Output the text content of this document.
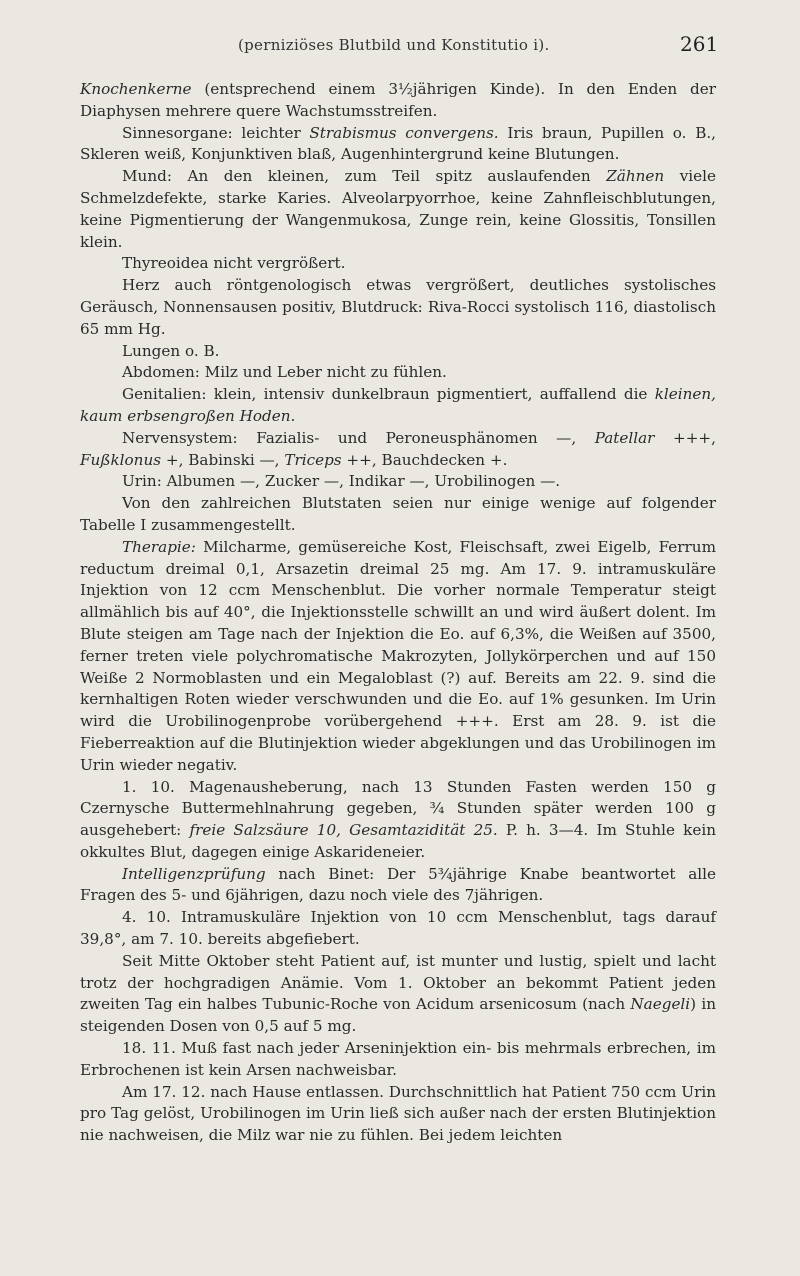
(perniziöses Blutbild und Konstitutio i).	261

Knochenkerne (entsprechend einem 3½jährigen Kinde). In den Enden der Diaphysen mehrere quere Wachstumsstreifen.

Sinnesorgane: leichter Strabismus convergens. Iris braun, Pupillen o. B., Skleren weiß, Konjunktiven blaß, Augenhintergrund keine Blutungen.

Mund: An den kleinen, zum Teil spitz auslaufenden Zähnen viele Schmelzdefekte, starke Karies. Alveolarpyorrhoe, keine Zahnfleischblutungen, keine Pigmentierung der Wangenmukosa, Zunge rein, keine Glossitis, Tonsillen klein.

Thyreoidea nicht vergrößert.

Herz auch röntgenologisch etwas vergrößert, deutliches systolisches Geräusch, Nonnensausen positiv, Blutdruck: Riva-Rocci systolisch 116, diastolisch 65 mm Hg.

Lungen o. B.

Abdomen: Milz und Leber nicht zu fühlen.

Genitalien: klein, intensiv dunkelbraun pigmentiert, auffallend die kleinen, kaum erbsengroßen Hoden.

Nervensystem: Fazialis- und Peroneusphänomen —, Patellar +++, Fußklonus +, Babinski —, Triceps ++, Bauchdecken +.

Urin: Albumen —, Zucker —, Indikar —, Urobilinogen —.

Von den zahlreichen Blutstaten seien nur einige wenige auf folgender Tabelle I zusammengestellt.

Therapie: Milcharme, gemüsereiche Kost, Fleischsaft, zwei Eigelb, Ferrum reductum dreimal 0,1, Arsazetin dreimal 25 mg. Am 17. 9. intramuskuläre Injektion von 12 ccm Menschenblut. Die vorher normale Temperatur steigt allmählich bis auf 40°, die Injektionsstelle schwillt an und wird äußert dolent. Im Blute steigen am Tage nach der Injektion die Eo. auf 6,3%, die Weißen auf 3500, ferner treten viele polychromatische Makrozyten, Jollykörperchen und auf 150 Weiße 2 Normoblasten und ein Megaloblast (?) auf. Bereits am 22. 9. sind die kernhaltigen Roten wieder verschwunden und die Eo. auf 1% gesunken. Im Urin wird die Urobilinogenprobe vorübergehend +++. Erst am 28. 9. ist die Fieberreaktion auf die Blutinjektion wieder abgeklungen und das Urobilinogen im Urin wieder negativ.

1. 10. Magenausheberung, nach 13 Stunden Fasten werden 150 g Czernysche Buttermehlnahrung gegeben, ¾ Stunden später werden 100 g ausgehebert: freie Salzsäure 10, Gesamtazidität 25. P. h. 3—4. Im Stuhle kein okkultes Blut, dagegen einige Askarideneier.

Intelligenzprüfung nach Binet: Der 5¾jährige Knabe beantwortet alle Fragen des 5- und 6jährigen, dazu noch viele des 7jährigen.

4. 10. Intramuskuläre Injektion von 10 ccm Menschenblut, tags darauf 39,8°, am 7. 10. bereits abgefiebert.

Seit Mitte Oktober steht Patient auf, ist munter und lustig, spielt und lacht trotz der hochgradigen Anämie. Vom 1. Oktober an bekommt Patient jeden zweiten Tag ein halbes Tubunic-Roche von Acidum arsenicosum (nach Naegeli) in steigenden Dosen von 0,5 auf 5 mg.

18. 11. Muß fast nach jeder Arseninjektion ein- bis mehrmals erbrechen, im Erbrochenen ist kein Arsen nachweisbar.

Am 17. 12. nach Hause entlassen. Durchschnittlich hat Patient 750 ccm Urin pro Tag gelöst, Urobilinogen im Urin ließ sich außer nach der ersten Blutinjektion nie nachweisen, die Milz war nie zu fühlen. Bei jedem leichten
